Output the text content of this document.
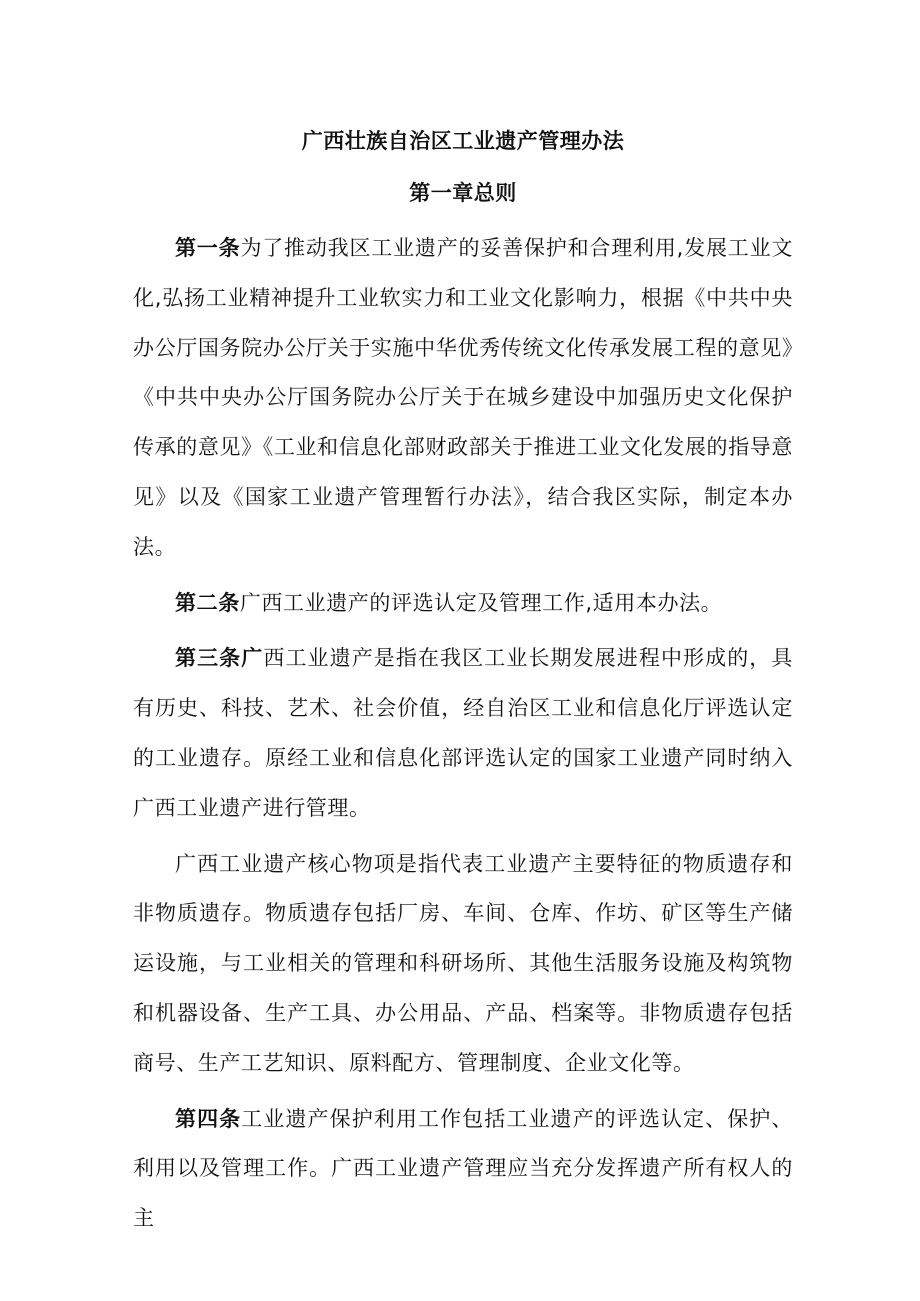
广西壮族自治区工业遗产管理办法
第一章总则

第一条为了推动我区工业遗产的妥善保护和合理利用,发展工业文化,弘扬工业精神提升工业软实力和工业文化影响力，根据《中共中央办公厅国务院办公厅关于实施中华优秀传统文化传承发展工程的意见》《中共中央办公厅国务院办公厅关于在城乡建设中加强历史文化保护传承的意见》《工业和信息化部财政部关于推进工业文化发展的指导意见》以及《国家工业遗产管理暂行办法》，结合我区实际，制定本办法。

第二条广西工业遗产的评选认定及管理工作,适用本办法。

第三条广西工业遗产是指在我区工业长期发展进程中形成的，具有历史、科技、艺术、社会价值，经自治区工业和信息化厅评选认定的工业遗存。原经工业和信息化部评选认定的国家工业遗产同时纳入广西工业遗产进行管理。

广西工业遗产核心物项是指代表工业遗产主要特征的物质遗存和非物质遗存。物质遗存包括厂房、车间、仓库、作坊、矿区等生产储运设施，与工业相关的管理和科研场所、其他生活服务设施及构筑物和机器设备、生产工具、办公用品、产品、档案等。非物质遗存包括商号、生产工艺知识、原料配方、管理制度、企业文化等。

第四条工业遗产保护利用工作包括工业遗产的评选认定、保护、利用以及管理工作。广西工业遗产管理应当充分发挥遗产所有权人的主
